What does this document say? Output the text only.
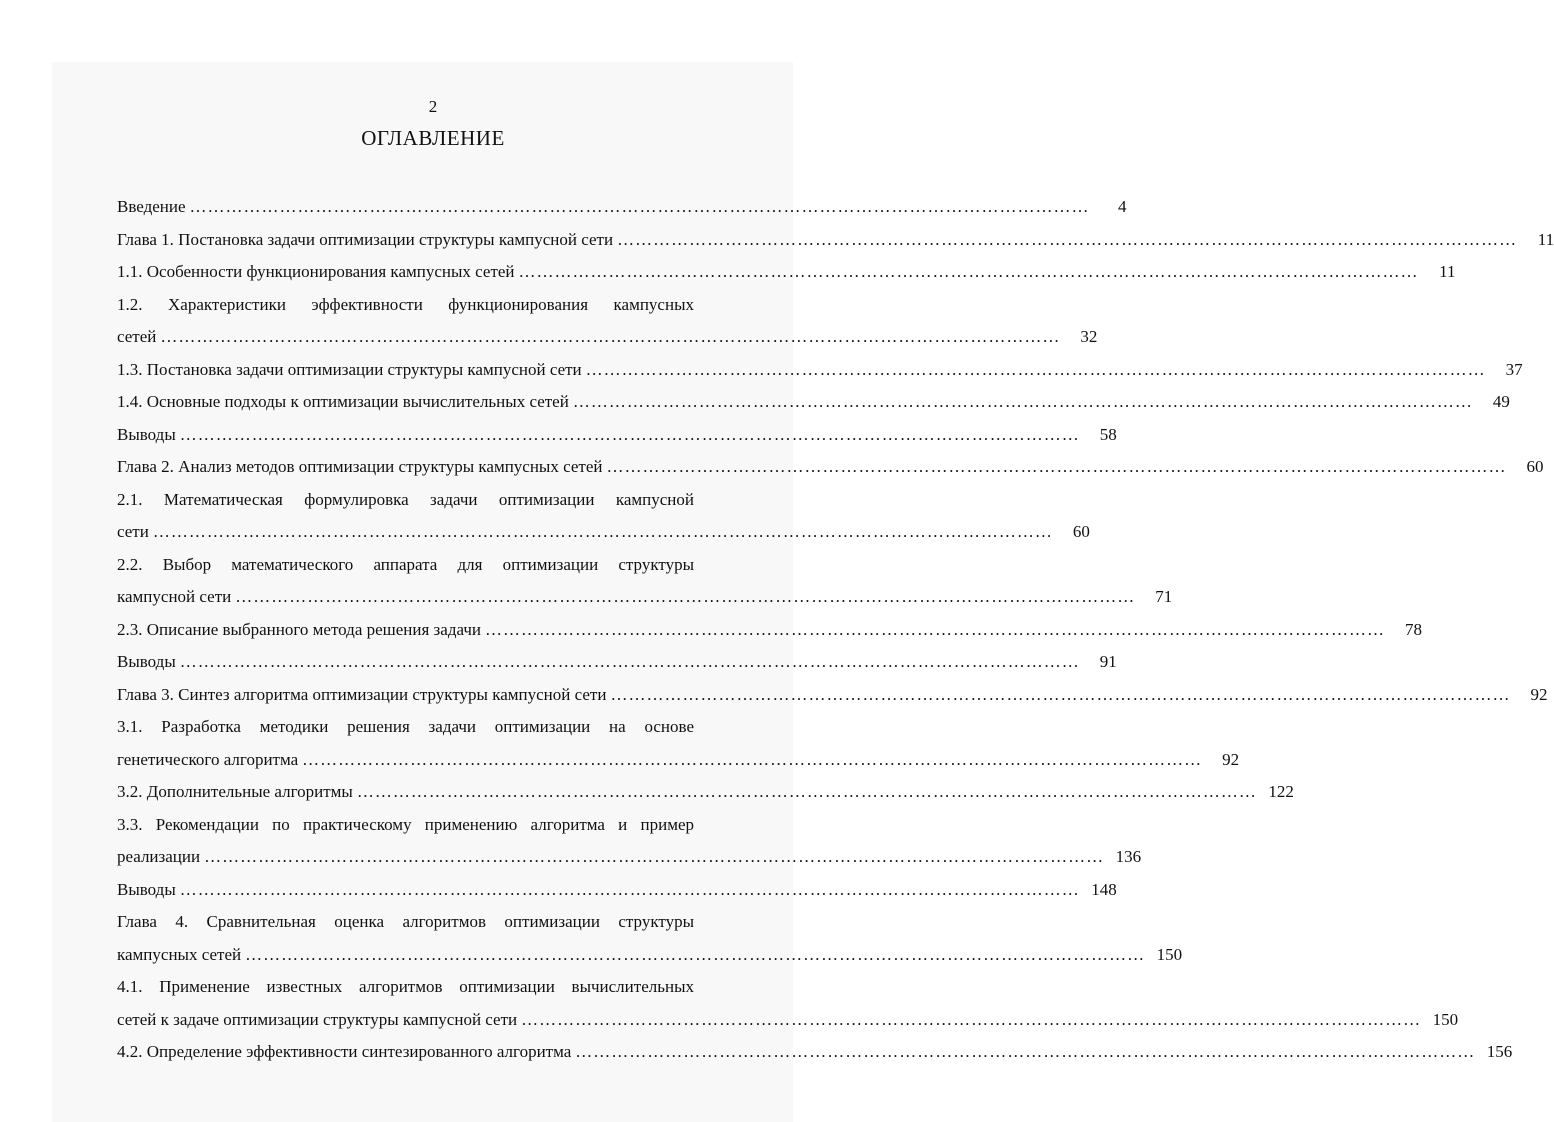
2
ОГЛАВЛЕНИЕ
Введение ……………………………………………………………………………………………………………………………………	4
Глава 1. Постановка задачи оптимизации структуры кампусной сети ……………………………………………………………………………………………………………………………………	11
1.1. Особенности функционирования кампусных сетей ……………………………………………………………………………………………………………………………………	11
1.2. Характеристики эффективности функционирования кампусных
сетей ……………………………………………………………………………………………………………………………………	32
1.3. Постановка задачи оптимизации структуры кампусной сети ……………………………………………………………………………………………………………………………………	37
1.4. Основные подходы к оптимизации вычислительных сетей ……………………………………………………………………………………………………………………………………	49
Выводы ……………………………………………………………………………………………………………………………………	58
Глава 2. Анализ методов оптимизации структуры кампусных сетей ……………………………………………………………………………………………………………………………………	60
2.1. Математическая формулировка задачи оптимизации кампусной
сети ……………………………………………………………………………………………………………………………………	60
2.2. Выбор математического аппарата для оптимизации структуры
кампусной сети ……………………………………………………………………………………………………………………………………	71
2.3. Описание выбранного метода решения задачи ……………………………………………………………………………………………………………………………………	78
Выводы ……………………………………………………………………………………………………………………………………	91
Глава 3. Синтез алгоритма оптимизации структуры кампусной сети ……………………………………………………………………………………………………………………………………	92
3.1. Разработка методики решения задачи оптимизации на основе
генетического алгоритма ……………………………………………………………………………………………………………………………………	92
3.2. Дополнительные алгоритмы …………………………………………………………………………………………………………………………………… 122
3.3. Рекомендации по практическому применению алгоритма и пример
реализации …………………………………………………………………………………………………………………………………… 136
Выводы …………………………………………………………………………………………………………………………………… 148
Глава 4. Сравнительная оценка алгоритмов оптимизации структуры
кампусных сетей …………………………………………………………………………………………………………………………………… 150
4.1. Применение известных алгоритмов оптимизации вычислительных
сетей к задаче оптимизации структуры кампусной сети …………………………………………………………………………………………………………………………………… 150
4.2. Определение эффективности синтезированного алгоритма …………………………………………………………………………………………………………………………………… 156
